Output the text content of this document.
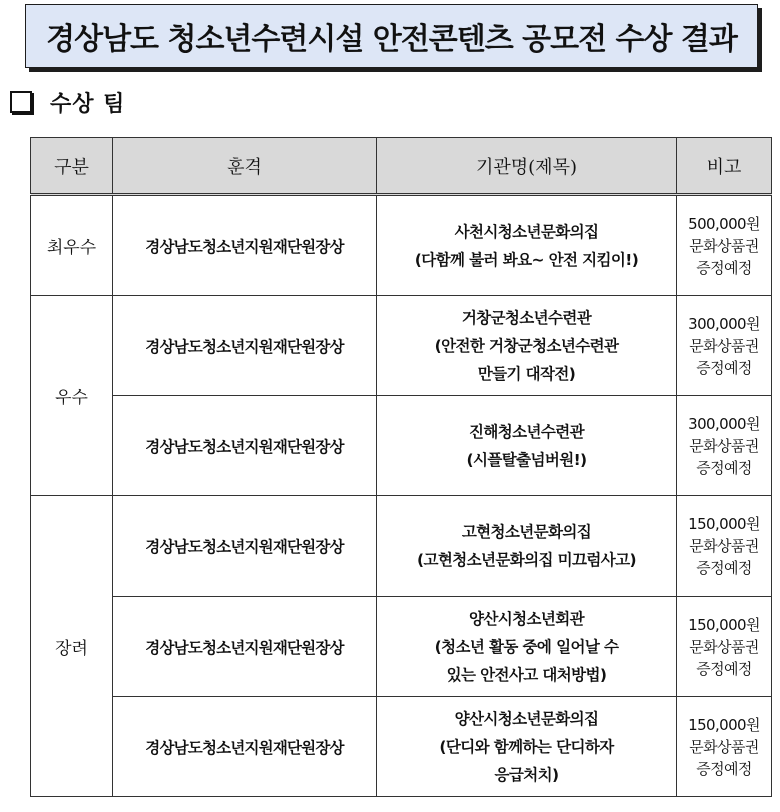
경상남도 청소년수련시설 안전콘텐츠 공모전 수상 결과
수상 팀
구분	훈격	기관명(제목)	비고
최우수	경상남도청소년지원재단원장상	사천시청소년문화의집
(다함께 불러 봐요~ 안전 지킴이!)	500,000원
문화상품권
증정예정

우수	경상남도청소년지원재단원장상	거창군청소년수련관
(안전한 거창군청소년수련관
만들기 대작전)	300,000원
문화상품권
증정예정

	경상남도청소년지원재단원장상	진해청소년수련관
(시플탈출넘버원!)	300,000원
문화상품권
증정예정

장려	경상남도청소년지원재단원장상	고현청소년문화의집
(고현청소년문화의집 미끄럼사고)	150,000원
문화상품권
증정예정

	경상남도청소년지원재단원장상	양산시청소년회관
(청소년 활동 중에 일어날 수
있는 안전사고 대처방법)	150,000원
문화상품권
증정예정

	경상남도청소년지원재단원장상	양산시청소년문화의집
(단디와 함께하는 단디하자
응급처치)	150,000원
문화상품권
증정예정
